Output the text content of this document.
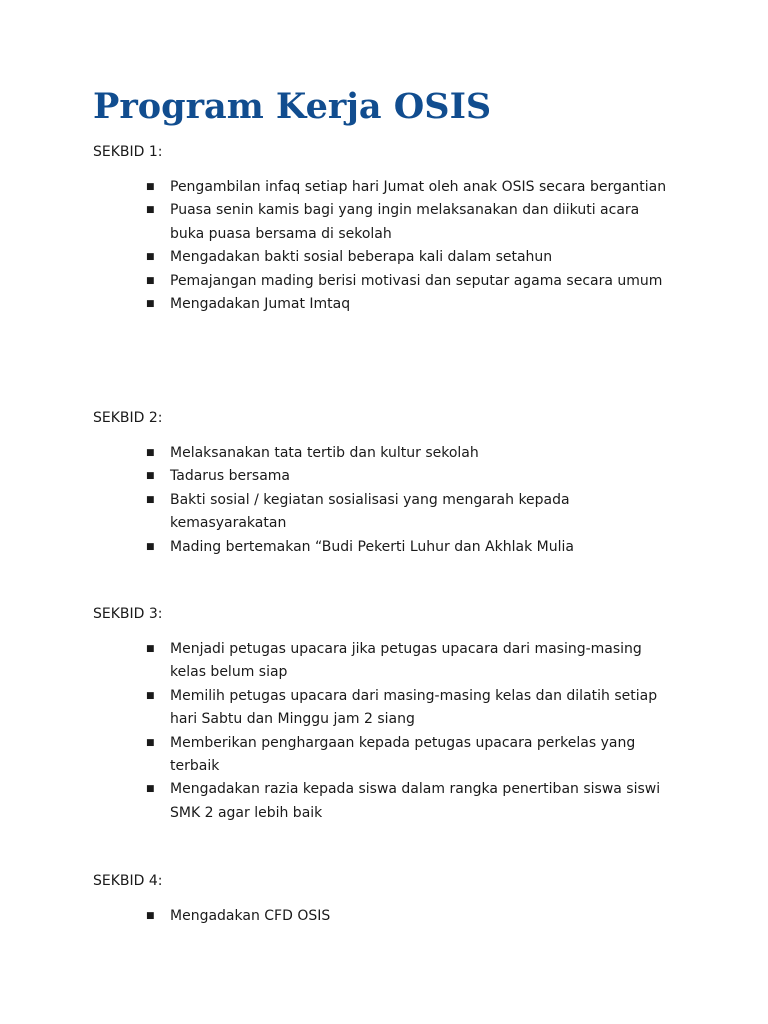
Program Kerja OSIS

SEKBID 1:

■ Pengambilan infaq setiap hari Jumat oleh anak OSIS secara bergantian
■ Puasa senin kamis bagi yang ingin melaksanakan dan diikuti acara buka puasa bersama di sekolah
■ Mengadakan bakti sosial beberapa kali dalam setahun
■ Pemajangan mading berisi motivasi dan seputar agama secara umum
■ Mengadakan Jumat Imtaq

SEKBID 2:

■ Melaksanakan tata tertib dan kultur sekolah
■ Tadarus bersama
■ Bakti sosial / kegiatan sosialisasi yang mengarah kepada kemasyarakatan
■ Mading bertemakan “Budi Pekerti Luhur dan Akhlak Mulia

SEKBID 3:

■ Menjadi petugas upacara jika petugas upacara dari masing-masing kelas belum siap
■ Memilih petugas upacara dari masing-masing kelas dan dilatih setiap hari Sabtu dan Minggu jam 2 siang
■ Memberikan penghargaan kepada petugas upacara perkelas yang terbaik
■ Mengadakan razia kepada siswa dalam rangka penertiban siswa siswi SMK 2 agar lebih baik

SEKBID 4:

■ Mengadakan CFD OSIS
